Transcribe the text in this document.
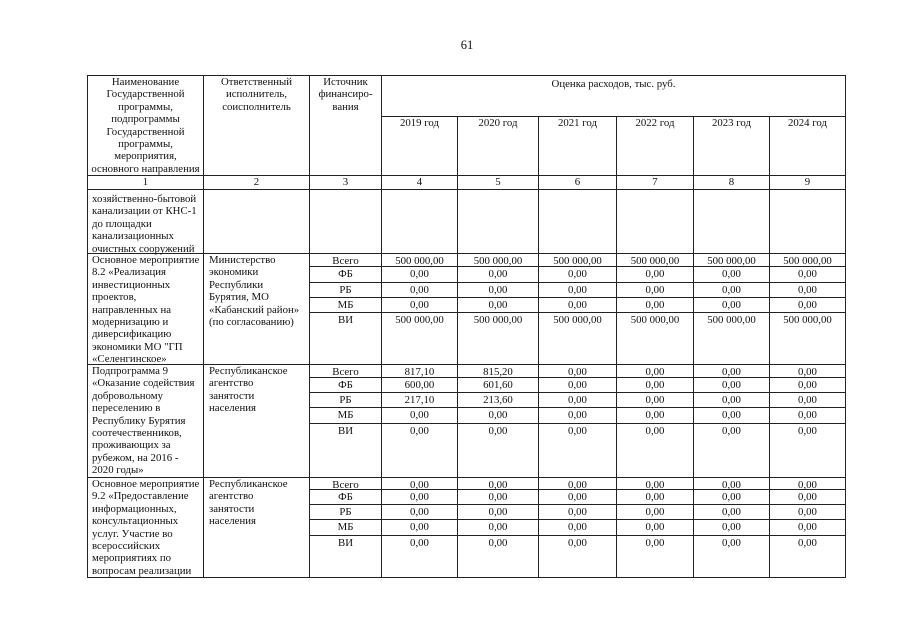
61
Наименование
Государственной
программы,
подпрограммы
Государственной
программы,
мероприятия,
основного направления
Ответственный
исполнитель,
соисполнитель
Источник
финансиро-
вания
Оценка расходов, тыс. руб.
2019 год	2020 год	2021 год	2022 год	2023 год	2024 год
1	2	3	4	5	6	7	8	9
хозяйственно-бытовой
канализации от КНС-1
до площадки
канализационных
очистных сооружений
Основное мероприятие
8.2 «Реализация
инвестиционных
проектов,
направленных на
модернизацию и
диверсификацию
экономики МО "ГП
«Селенгинское»
Министерство
экономики
Республики
Бурятия, МО
«Кабанский район»
(по согласованию)
Всего	500 000,00	500 000,00	500 000,00	500 000,00	500 000,00	500 000,00
ФБ	0,00	0,00	0,00	0,00	0,00	0,00
РБ	0,00	0,00	0,00	0,00	0,00	0,00
МБ	0,00	0,00	0,00	0,00	0,00	0,00
ВИ	500 000,00	500 000,00	500 000,00	500 000,00	500 000,00	500 000,00
Подпрограмма 9
«Оказание содействия
добровольному
переселению в
Республику Бурятия
соотечественников,
проживающих за
рубежом, на 2016 -
2020 годы»
Республиканское
агентство
занятости
населения
Всего	817,10	815,20	0,00	0,00	0,00	0,00
ФБ	600,00	601,60	0,00	0,00	0,00	0,00
РБ	217,10	213,60	0,00	0,00	0,00	0,00
МБ	0,00	0,00	0,00	0,00	0,00	0,00
ВИ	0,00	0,00	0,00	0,00	0,00	0,00
Основное мероприятие
9.2 «Предоставление
информационных,
консультационных
услуг. Участие во
всероссийских
мероприятиях по
вопросам реализации
Республиканское
агентство
занятости
населения
Всего	0,00	0,00	0,00	0,00	0,00	0,00
ФБ	0,00	0,00	0,00	0,00	0,00	0,00
РБ	0,00	0,00	0,00	0,00	0,00	0,00
МБ	0,00	0,00	0,00	0,00	0,00	0,00
ВИ	0,00	0,00	0,00	0,00	0,00	0,00
